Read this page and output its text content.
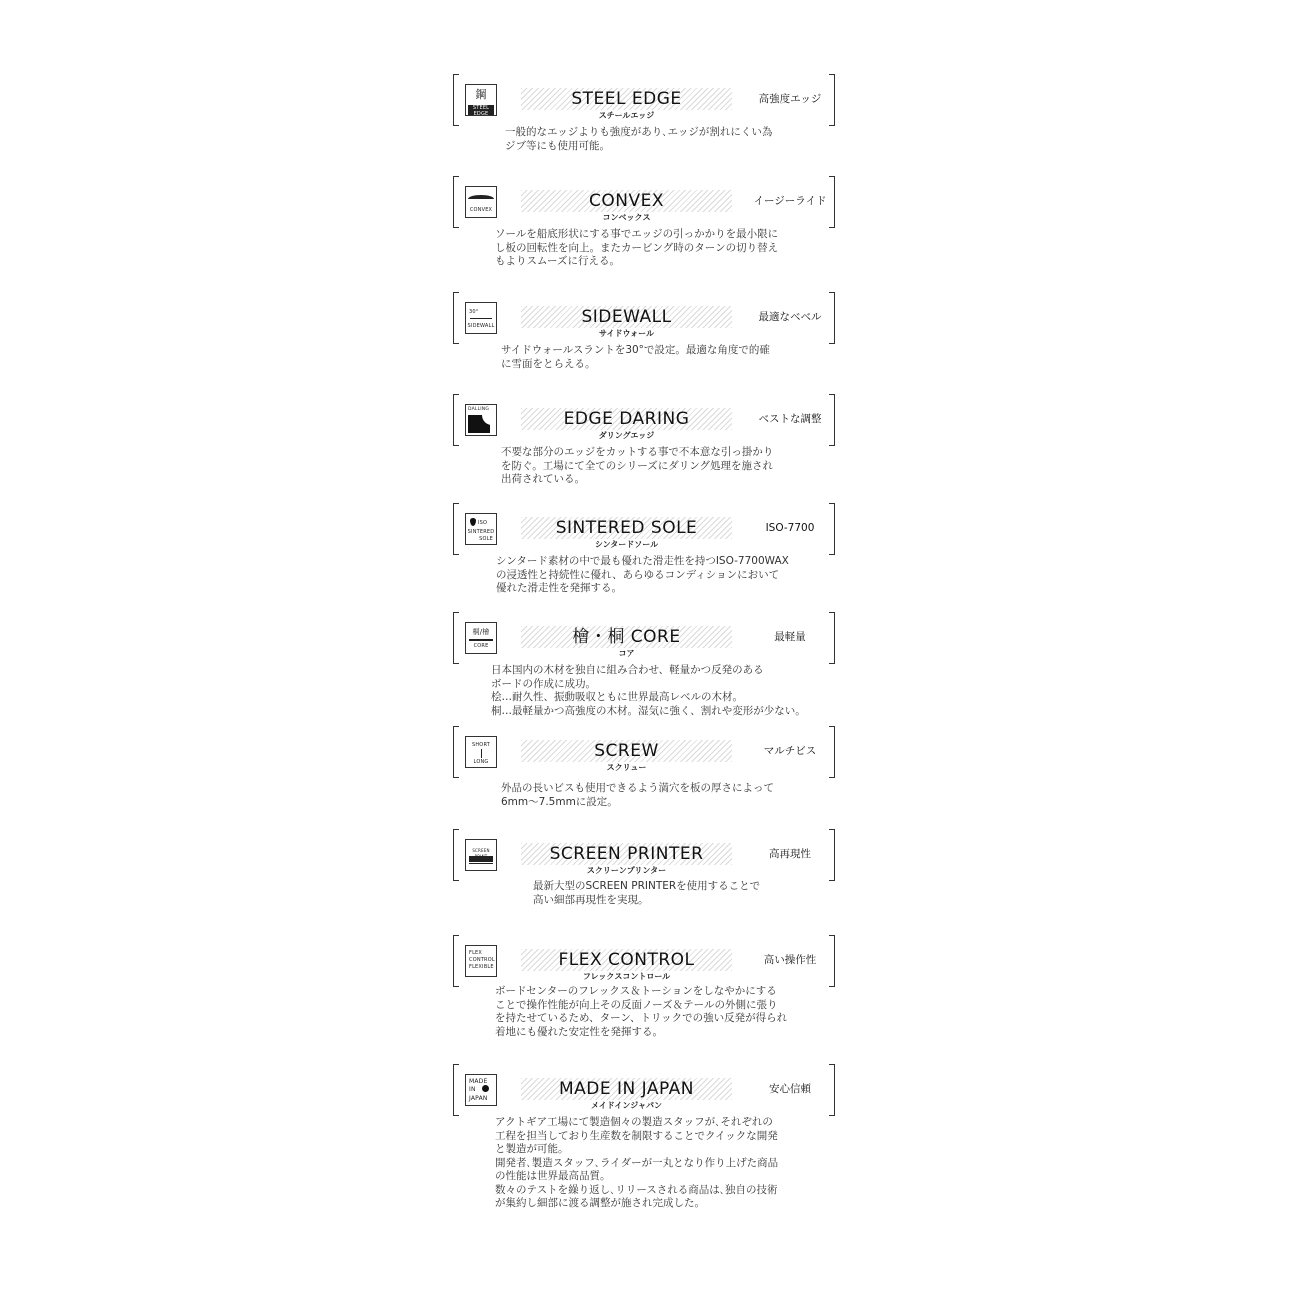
鋼
STEEL EDGE
STEEL EDGE
スチールエッジ
高強度エッジ
一般的なエッジよりも強度があり､エッジが割れにくい為
ジブ等にも使用可能。
CONVEX	CONVEX
コンベックス
イージーライド
ソールを船底形状にする事でエッジの引っかかりを最小限に
し板の回転性を向上。またカービング時のターンの切り替え
もよりスムーズに行える。
30°
SIDEWALL	SIDEWALL
サイドウォール
最適なベベル
サイドウォールスラントを30°で設定。最適な角度で的確
に雪面をとらえる。
DALLING	EDGE DARING
ダリングエッジ
ベストな調整
不要な部分のエッジをカットする事で不本意な引っ掛かり
を防ぐ。工場にて全てのシリーズにダリング処理を施され
出荷されている。
ISO
SINTERED
SOLE
SINTERED SOLE
シンタードソール
ISO-7700
シンタード素材の中で最も優れた滑走性を持つISO-7700WAX
の浸透性と持続性に優れ、あらゆるコンディションにおいて
優れた滑走性を発揮する。
桐/檜
CORE	檜・桐 CORE
コア
最軽量
日本国内の木材を独自に組み合わせ、軽量かつ反発のある
ボードの作成に成功。
桧…耐久性、振動吸収ともに世界最高レベルの木材。
桐…最軽量かつ高強度の木材。湿気に強く、割れや変形が少ない。
SHORT
LONG
SCREW
スクリュー
マルチビス
外品の長いビスも使用できるよう満穴を板の厚さによって
6mm〜7.5mmに設定。
SCREEN	SCREEN PRINTER
スクリーンプリンター
高再現性
最新大型のSCREEN PRINTERを使用することで
高い細部再現性を実現。
FLEX
CONTROL
FLEXIBLE	FLEX CONTROL
フレックスコントロール
高い操作性
ボードセンターのフレックス＆トーションをしなやかにする
ことで操作性能が向上その反面ノーズ＆テールの外側に張り
を持たせているため、ターン、トリックでの強い反発が得られ
着地にも優れた安定性を発揮する。
MADE
IN
JAPAN	MADE IN JAPAN
メイドインジャパン
安心信頼
アクトギア工場にて製造個々の製造スタッフが､それぞれの
工程を担当しており生産数を制限することでクイックな開発
と製造が可能。
開発者､製造スタッフ､ライダーが一丸となり作り上げた商品
の性能は世界最高品質。
数々のテストを繰り返し､リリースされる商品は､独自の技術
が集約し細部に渡る調整が施され完成した。
